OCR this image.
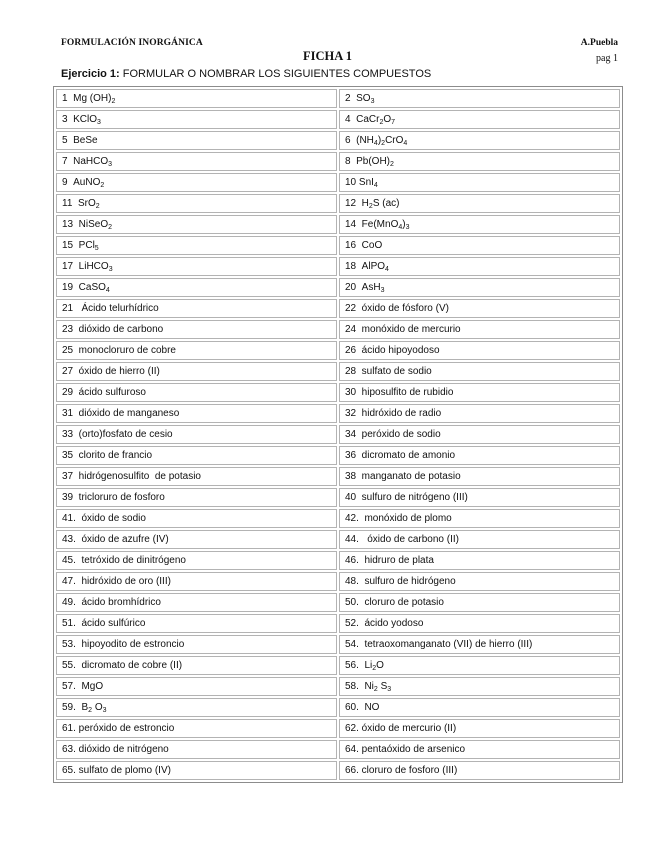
FORMULACIÓN INORGÁNICA	A.Puebla
FICHA 1	pag 1
Ejercicio 1: FORMULAR O NOMBRAR LOS SIGUIENTES COMPUESTOS
1  Mg $(OH)_2$	2  $SO_3$
3  KClO$_3$	4  $CaCr_2O_7$
5  BeSe	6  $(NH_4)_2CrO_4$
7  NaHCO$_3$	8  $Pb(OH)_2$
9  AuNO$_2$	10 SnI$_4$
11  SrO$_2$	12  $H_2S$ (ac)
13  NiSeO$_2$	14  $Fe(MnO_4)_3$
15  PCl$_5$	16  CoO
17  LiHCO$_3$	18  AlPO$_4$
19  CaSO$_4$	20  AsH$_3$
21   Ácido telurhídrico	22  óxido de fósforo (V)
23  dióxido de carbono	24  monóxido de mercurio
25  monocloruro de cobre	26  ácido hipoyodoso
27  óxido de hierro (II)	28  sulfato de sodio
29  ácido sulfuroso	30  hiposulfito de rubidio
31  dióxido de manganeso	32  hidróxido de radio
33  (orto)fosfato de cesio	34  peróxido de sodio
35  clorito de francio	36  dicromato de amonio
37  hidrógenosulfito  de potasio	38  manganato de potasio
39  tricloruro de fosforo	40  sulfuro de nitrógeno (III)
41.  óxido de sodio	42.  monóxido de plomo
43.  óxido de azufre (IV)	44.   óxido de carbono (II)
45.  tetróxido de dinitrógeno	46.  hidruro de plata
47.  hidróxido de oro (III)	48.  sulfuro de hidrógeno
49.  ácido bromhídrico	50.  cloruro de potasio
51.  ácido sulfúrico	52.  ácido yodoso
53.  hipoyodito de estroncio	54.  tetraoxomanganato (VII) de hierro (III)
55.  dicromato de cobre (II)	56.  $Li_2O$
57.  MgO	58.  $Ni_2$ $S_3$
59.  $B_2$ $O_3$	60.  NO
61. peróxido de estroncio	62. óxido de mercurio (II)
63. dióxido de nitrógeno	64. pentaóxido de arsenico
65. sulfato de plomo (IV)	66. cloruro de fosforo (III)
